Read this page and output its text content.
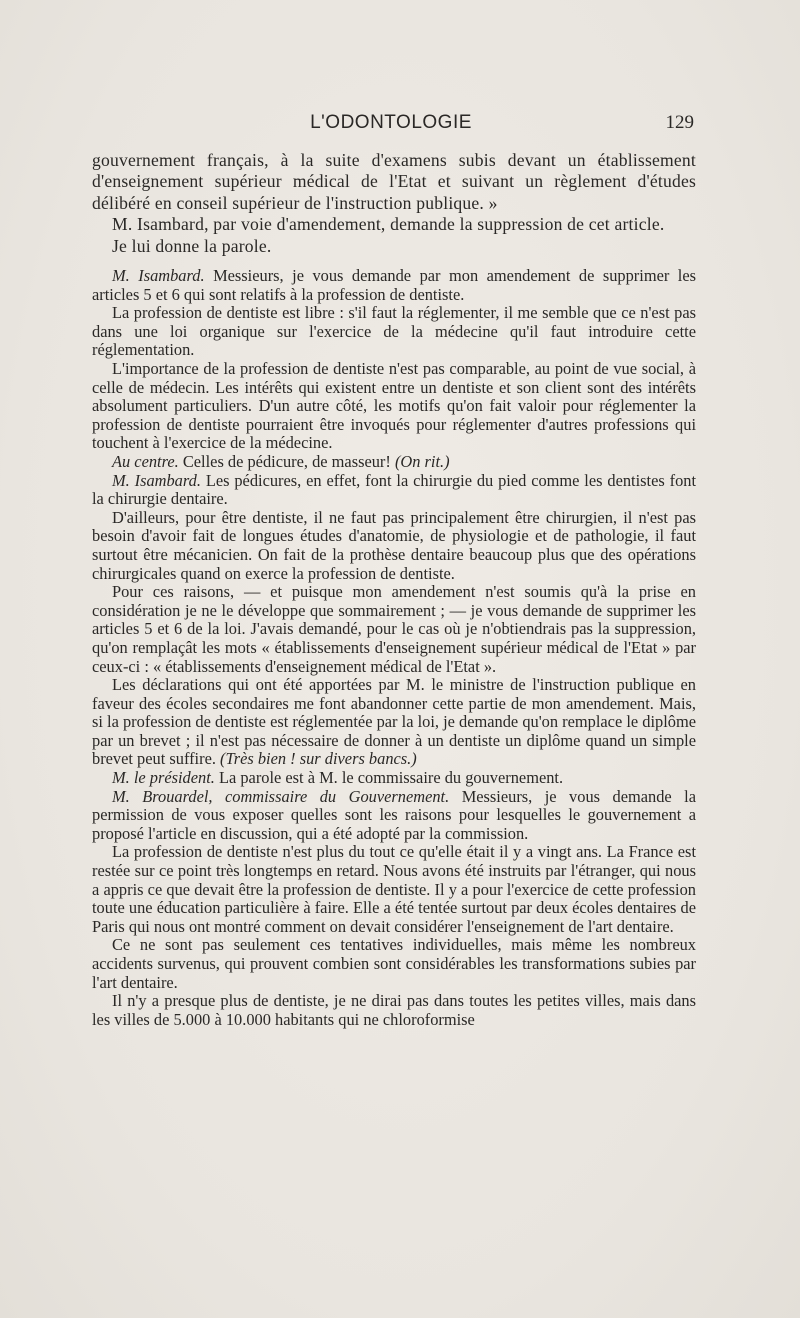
L'ODONTOLOGIE	129

gouvernement français, à la suite d'examens subis devant un établissement d'enseignement supérieur médical de l'Etat et suivant un règlement d'études délibéré en conseil supérieur de l'instruction publique. »

M. Isambard, par voie d'amendement, demande la suppression de cet article.

Je lui donne la parole.

M. Isambard. Messieurs, je vous demande par mon amendement de supprimer les articles 5 et 6 qui sont relatifs à la profession de dentiste.

La profession de dentiste est libre : s'il faut la réglementer, il me semble que ce n'est pas dans une loi organique sur l'exercice de la médecine qu'il faut introduire cette réglementation.

L'importance de la profession de dentiste n'est pas comparable, au point de vue social, à celle de médecin. Les intérêts qui existent entre un dentiste et son client sont des intérêts absolument particuliers. D'un autre côté, les motifs qu'on fait valoir pour réglementer la profession de dentiste pourraient être invoqués pour réglementer d'autres professions qui touchent à l'exercice de la médecine.

Au centre. Celles de pédicure, de masseur! (On rit.)

M. Isambard. Les pédicures, en effet, font la chirurgie du pied comme les dentistes font la chirurgie dentaire.

D'ailleurs, pour être dentiste, il ne faut pas principalement être chirurgien, il n'est pas besoin d'avoir fait de longues études d'anatomie, de physiologie et de pathologie, il faut surtout être mécanicien. On fait de la prothèse dentaire beaucoup plus que des opérations chirurgicales quand on exerce la profession de dentiste.

Pour ces raisons, — et puisque mon amendement n'est soumis qu'à la prise en considération je ne le développe que sommairement ; — je vous demande de supprimer les articles 5 et 6 de la loi. J'avais demandé, pour le cas où je n'obtiendrais pas la suppression, qu'on remplaçât les mots « établissements d'enseignement supérieur médical de l'Etat » par ceux-ci : « établissements d'enseignement médical de l'Etat ».

Les déclarations qui ont été apportées par M. le ministre de l'instruction publique en faveur des écoles secondaires me font abandonner cette partie de mon amendement. Mais, si la profession de dentiste est réglementée par la loi, je demande qu'on remplace le diplôme par un brevet ; il n'est pas nécessaire de donner à un dentiste un diplôme quand un simple brevet peut suffire. (Très bien ! sur divers bancs.)

M. le président. La parole est à M. le commissaire du gouvernement.

M. Brouardel, commissaire du Gouvernement. Messieurs, je vous demande la permission de vous exposer quelles sont les raisons pour lesquelles le gouvernement a proposé l'article en discussion, qui a été adopté par la commission.

La profession de dentiste n'est plus du tout ce qu'elle était il y a vingt ans. La France est restée sur ce point très longtemps en retard. Nous avons été instruits par l'étranger, qui nous a appris ce que devait être la profession de dentiste. Il y a pour l'exercice de cette profession toute une éducation particulière à faire. Elle a été tentée surtout par deux écoles dentaires de Paris qui nous ont montré comment on devait considérer l'enseignement de l'art dentaire.

Ce ne sont pas seulement ces tentatives individuelles, mais même les nombreux accidents survenus, qui prouvent combien sont considérables les transformations subies par l'art dentaire.

Il n'y a presque plus de dentiste, je ne dirai pas dans toutes les petites villes, mais dans les villes de 5.000 à 10.000 habitants qui ne chloroformise
